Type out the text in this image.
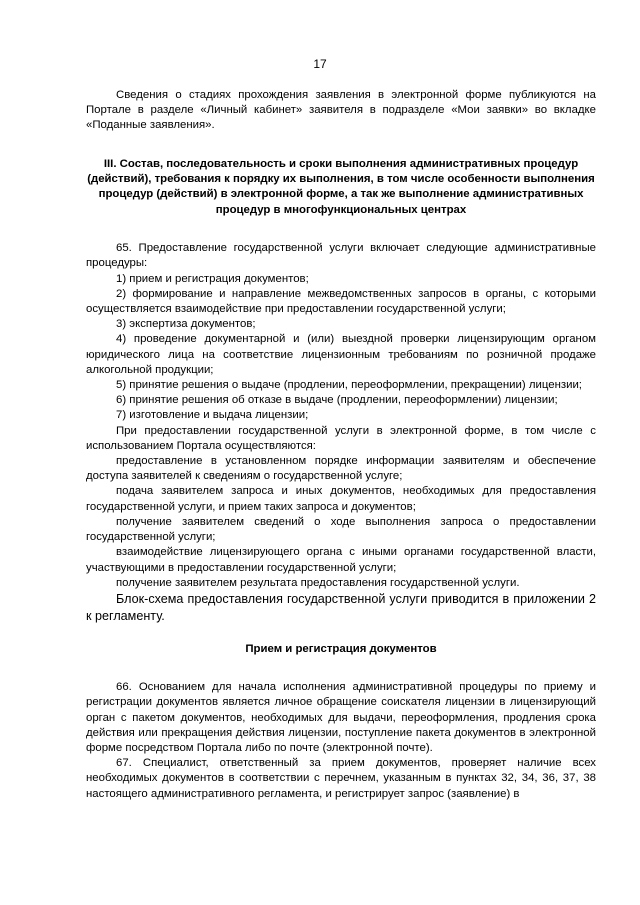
17

Сведения о стадиях прохождения заявления в электронной форме публикуются на Портале в разделе «Личный кабинет» заявителя в подразделе «Мои заявки» во вкладке «Поданные заявления».

III. Состав, последовательность и сроки выполнения административных процедур (действий), требования к порядку их выполнения, в том числе особенности выполнения процедур (действий) в электронной форме, а так же выполнение административных процедур в многофункциональных центрах

65. Предоставление государственной услуги включает следующие административные процедуры:

1) прием и регистрация документов;

2) формирование и направление межведомственных запросов в органы, с которыми осуществляется взаимодействие при предоставлении государственной услуги;

3) экспертиза документов;

4) проведение документарной и (или) выездной проверки лицензирующим органом юридического лица на соответствие лицензионным требованиям по розничной продаже алкогольной продукции;

5) принятие решения о выдаче (продлении, переоформлении, прекращении) лицензии;

6) принятие решения об отказе в выдаче (продлении, переоформлении) лицензии;

7) изготовление и выдача лицензии;

При предоставлении государственной услуги в электронной форме, в том числе с использованием Портала осуществляются:

предоставление в установленном порядке информации заявителям и обеспечение доступа заявителей к сведениям о государственной услуге;

подача заявителем запроса и иных документов, необходимых для предоставления государственной услуги, и прием таких запроса и документов;

получение заявителем сведений о ходе выполнения запроса о предоставлении государственной услуги;

взаимодействие лицензирующего органа с иными органами государственной власти, участвующими в предоставлении государственной услуги;

получение заявителем результата предоставления государственной услуги.

Блок-схема предоставления государственной услуги приводится в приложении 2 к регламенту.

Прием и регистрация документов

66. Основанием для начала исполнения административной процедуры по приему и регистрации документов является личное обращение соискателя лицензии в лицензирующий орган с пакетом документов, необходимых для выдачи, переоформления, продления срока действия или прекращения действия лицензии, поступление пакета документов в электронной форме посредством Портала либо по почте (электронной почте).

67. Специалист, ответственный за прием документов, проверяет наличие всех необходимых документов в соответствии с перечнем, указанным в пунктах 32, 34, 36, 37, 38 настоящего административного регламента, и регистрирует запрос (заявление) в
